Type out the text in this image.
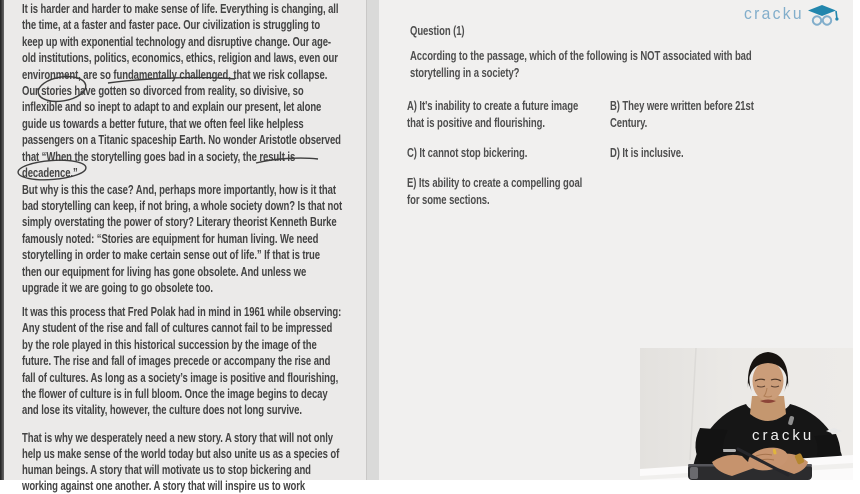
It is harder and harder to make sense of life. Everything is changing, all
the time, at a faster and faster pace. Our civilization is struggling to
keep up with exponential technology and disruptive change. Our age-
old institutions, politics, economics, ethics, religion and laws, even our
environment, are so fundamentally challenged, that we risk collapse.
Our stories have gotten so divorced from reality, so divisive, so
inflexible and so inept to adapt to and explain our present, let alone
guide us towards a better future, that we often feel like helpless
passengers on a Titanic spaceship Earth. No wonder Aristotle observed
that “When the storytelling goes bad in a society, the result is
decadence.”
But why is this the case? And, perhaps more importantly, how is it that
bad storytelling can keep, if not bring, a whole society down? Is that not
simply overstating the power of story? Literary theorist Kenneth Burke
famously noted: “Stories are equipment for human living. We need
storytelling in order to make certain sense out of life.” If that is true
then our equipment for living has gone obsolete. And unless we
upgrade it we are going to go obsolete too.
It was this process that Fred Polak had in mind in 1961 while observing:
Any student of the rise and fall of cultures cannot fail to be impressed
by the role played in this historical succession by the image of the
future. The rise and fall of images precede or accompany the rise and
fall of cultures. As long as a society’s image is positive and flourishing,
the flower of culture is in full bloom. Once the image begins to decay
and lose its vitality, however, the culture does not long survive.
That is why we desperately need a new story. A story that will not only
help us make sense of the world today but also unite us as a species of
human beings. A story that will motivate us to stop bickering and
working against one another. A story that will inspire us to work
Question (1)
According to the passage, which of the following is NOT associated with bad
storytelling in a society?
A) It's inability to create a future image
that is positive and flourishing.
B) They were written before 21st
Century.
C) It cannot stop bickering.	D) It is inclusive.
E) Its ability to create a compelling goal
for some sections.
cracku
cracku
